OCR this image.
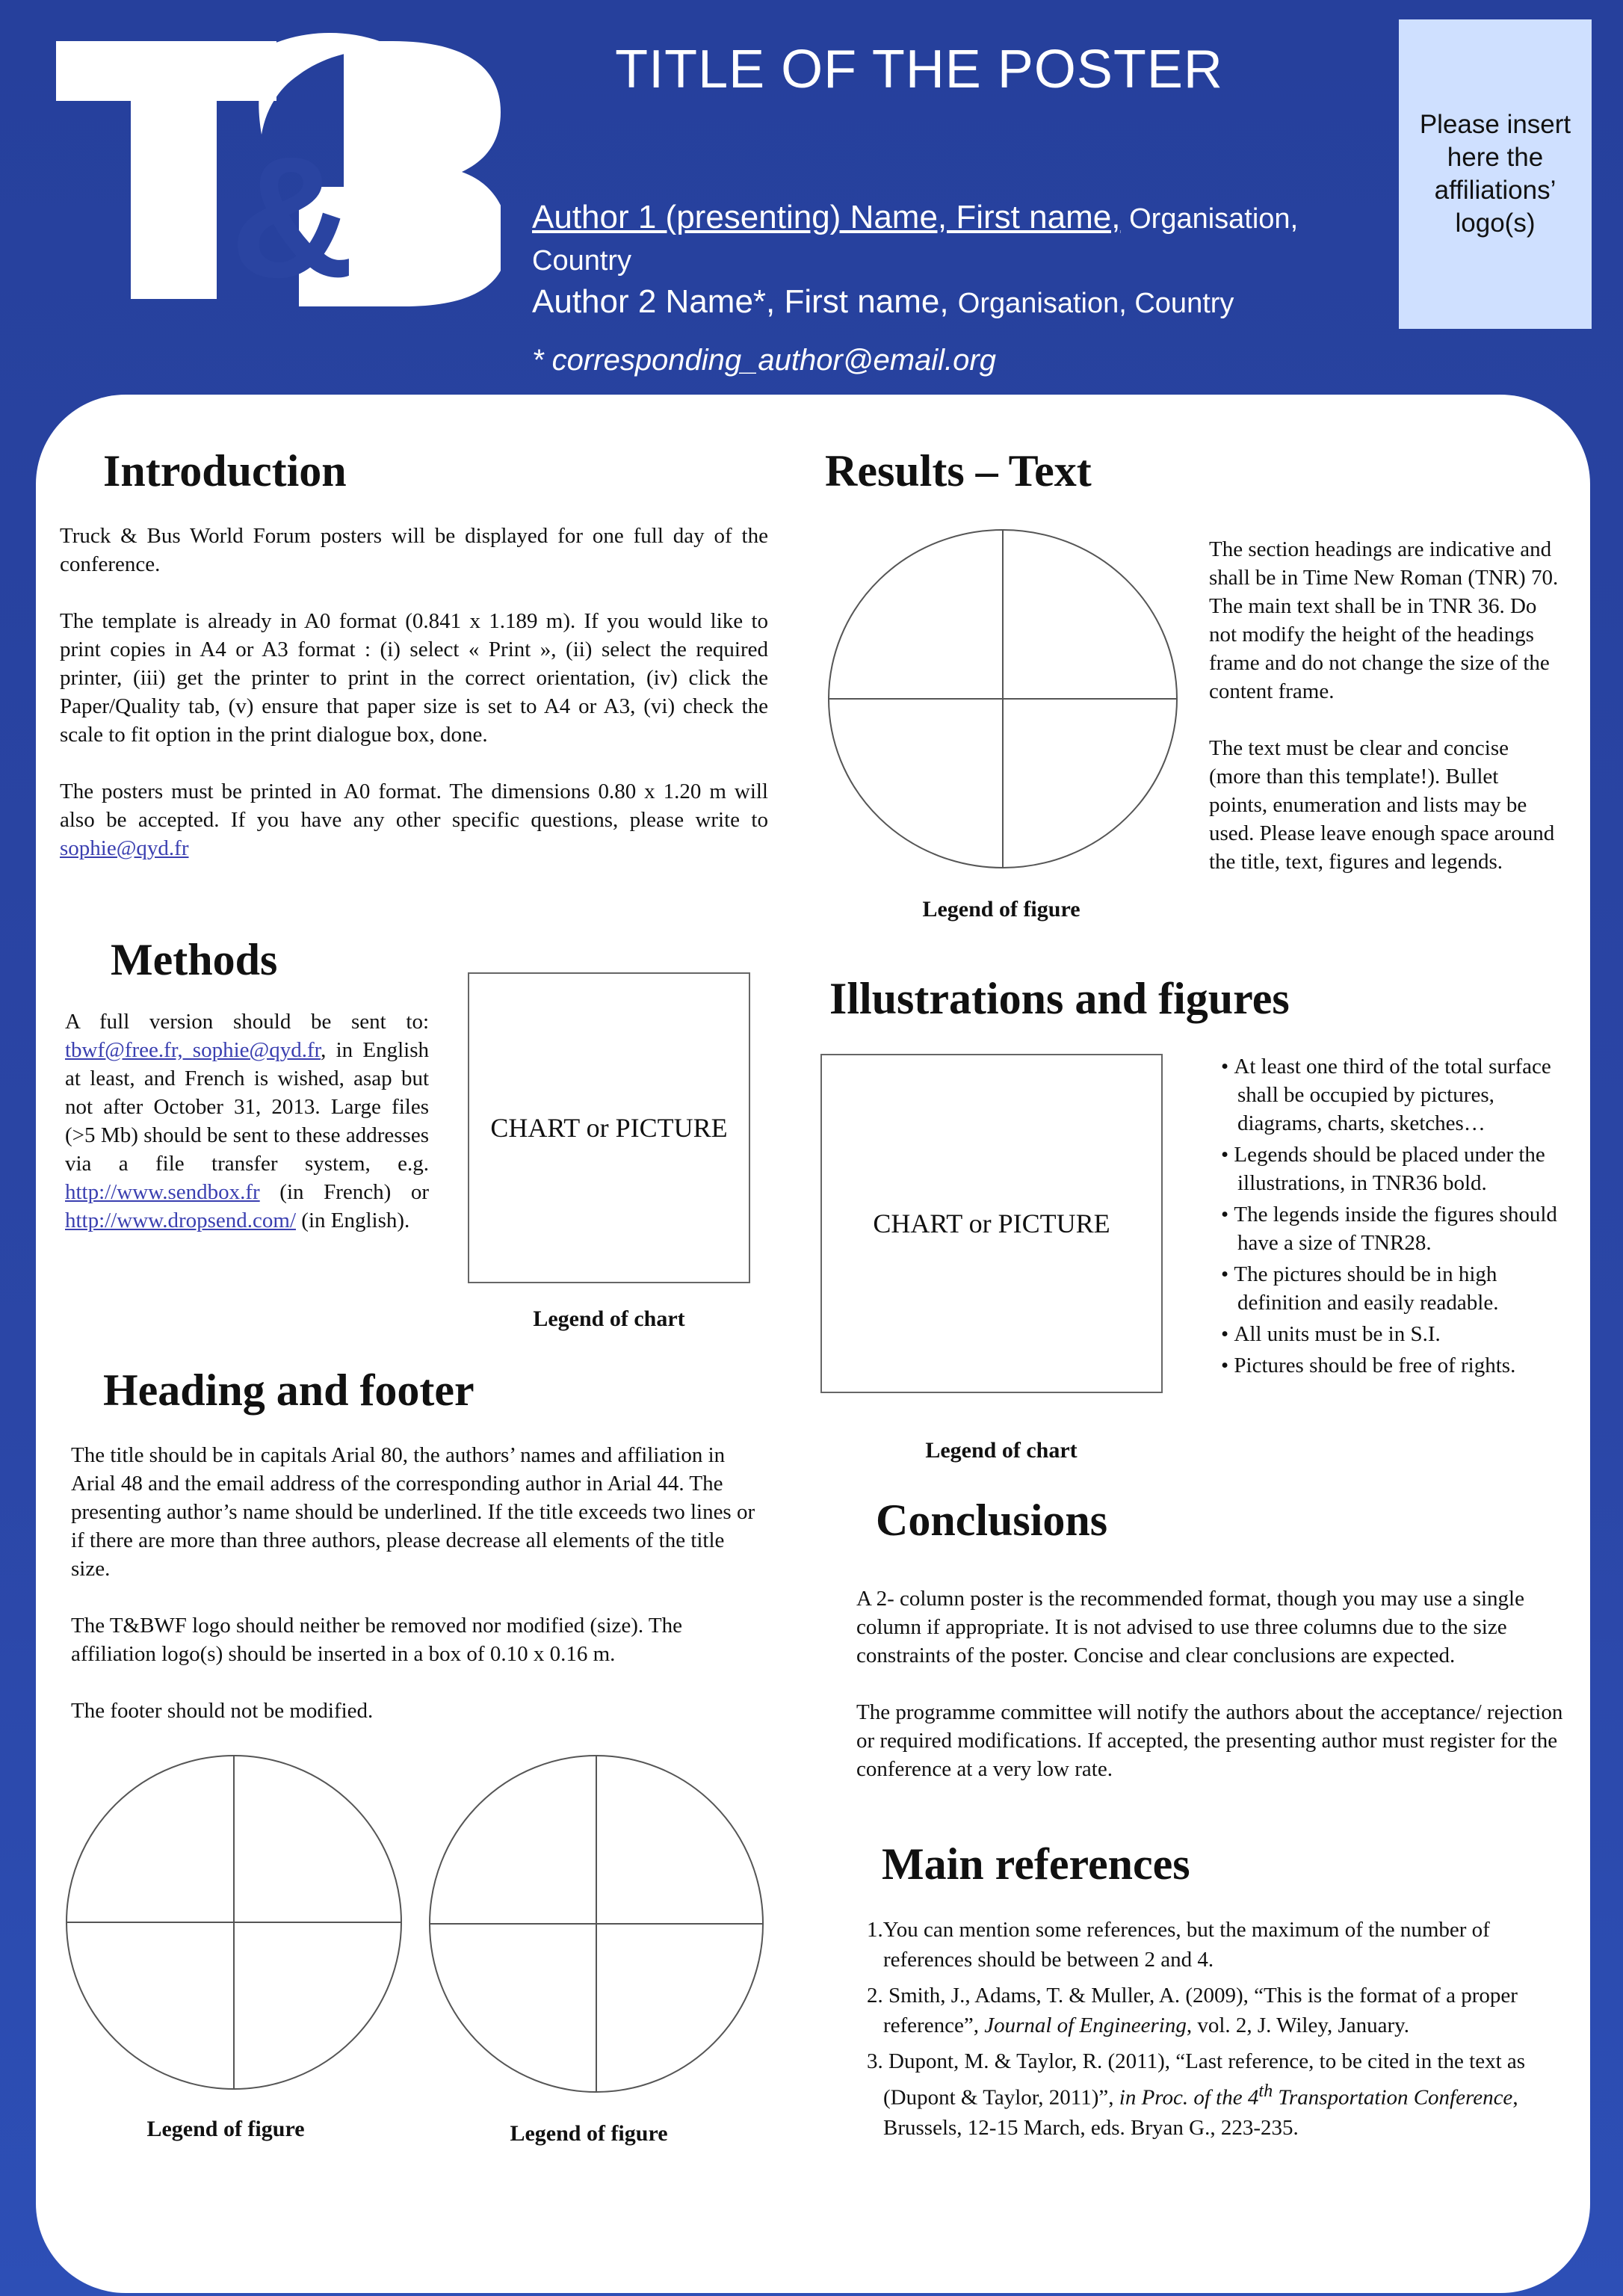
&
TITLE OF THE POSTER
Author 1 (presenting) Name, First name, Organisation, Country
Author 2 Name*, First name, Organisation, Country
* corresponding_author@email.org
Please insert here the affiliations’ logo(s)
Introduction

Truck & Bus World Forum posters will be displayed for one full day of the conference.

The template is already in A0 format (0.841 x 1.189 m). If you would like to print copies in A4 or A3 format : (i) select « Print », (ii) select the required printer, (iii) get the printer to print in the correct orientation, (iv) click the Paper/Quality tab, (v) ensure that paper size is set to A4 or A3, (vi) check the scale to fit option in the print dialogue box, done.

The posters must be printed in A0 format. The dimensions 0.80 x 1.20 m will also be accepted. If you have any other specific questions, please write to sophie@qyd.fr

Methods
A full version should be sent to: tbwf@free.fr, sophie@qyd.fr, in English at least, and French is wished, asap but not after October 31, 2013. Large files (>5 Mb) should be sent to these addresses via a file transfer system, e.g. http://www.sendbox.fr (in French) or http://www.dropsend.com/ (in English).
CHART or PICTURE
Legend of chart
Heading and footer

The title should be in capitals Arial 80, the authors’ names and affiliation in Arial 48 and the email address of the corresponding author in Arial 44. The presenting author’s name should be underlined. If the title exceeds two lines or if there are more than three authors, please decrease all elements of the title size.

The T&BWF logo should neither be removed nor modified (size). The affiliation logo(s) should be inserted in a box of 0.10 x 0.16 m.

The footer should not be modified.

Legend of figure	Legend of figure
Results – Text
Legend of figure

The section headings are indicative and shall be in Time New Roman (TNR) 70. The main text shall be in TNR 36. Do not modify the height of the headings frame and do not change the size of the content frame.

The text must be clear and concise (more than this template!). Bullet points, enumeration and lists may be used. Please leave enough space around the title, text, figures and legends.

Illustrations and figures
CHART or PICTURE
Legend of chart
• At least one third of the total surface shall be occupied by pictures, diagrams, charts, sketches…
• Legends should be placed under the illustrations, in TNR36 bold.
• The legends inside the figures should have a size of TNR28.
• The pictures should be in high definition and easily readable.
• All units must be in S.I.
• Pictures should be free of rights.
Conclusions

A 2- column poster is the recommended format, though you may use a single column if appropriate. It is not advised to use three columns due to the size constraints of the poster. Concise and clear conclusions are expected.

The programme committee will notify the authors about the acceptance/ rejection or required modifications. If accepted, the presenting author must register for the conference at a very low rate.

Main references
1.You can mention some references, but the maximum of the number of references should be between 2 and 4.
2. Smith, J., Adams, T. & Muller, A. (2009), “This is the format of a proper reference”, Journal of Engineering, vol. 2, J. Wiley, January.
3. Dupont, M. & Taylor, R. (2011), “Last reference, to be cited in the text as (Dupont & Taylor, 2011)”, in Proc. of the 4th Transportation Conference, Brussels, 12-15 March, eds. Bryan G., 223-235.
